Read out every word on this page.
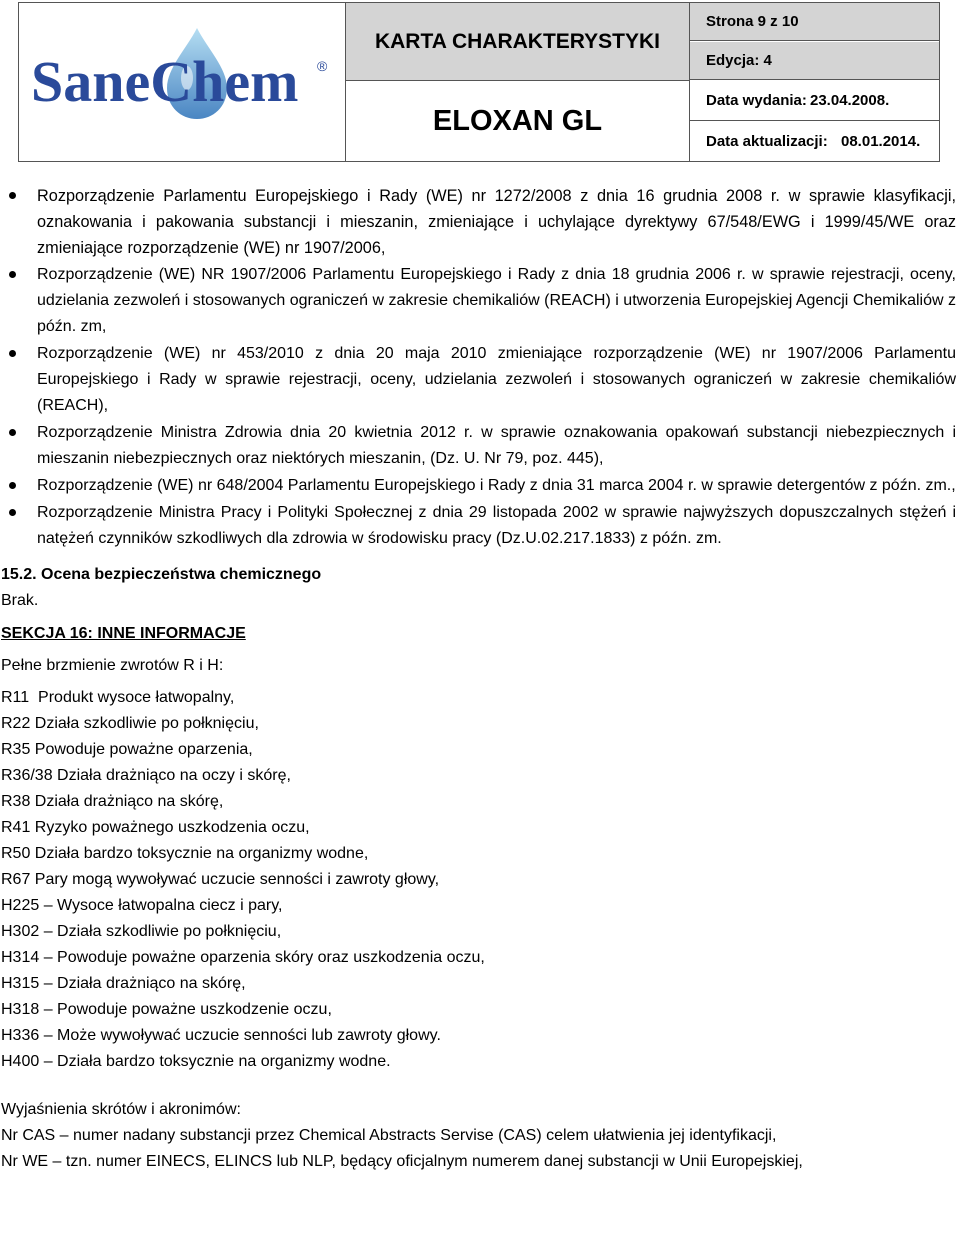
SaneChem ®
KARTA CHARAKTERYSTYKI
ELOXAN GL
Strona 9 z 10
Edycja: 4
Data wydania: 23.04.2008.
Data aktualizacji: 08.01.2014.
Rozporządzenie Parlamentu Europejskiego i Rady (WE) nr 1272/2008 z dnia 16 grudnia 2008 r. w sprawie klasyfikacji, oznakowania i pakowania substancji i mieszanin, zmieniające i uchylające dyrektywy 67/548/EWG i 1999/45/WE oraz zmieniające rozporządzenie (WE) nr 1907/2006,
Rozporządzenie (WE) NR 1907/2006 Parlamentu Europejskiego i Rady z dnia 18 grudnia 2006 r. w sprawie rejestracji, oceny, udzielania zezwoleń i stosowanych ograniczeń w zakresie chemikaliów (REACH) i utworzenia Europejskiej Agencji Chemikaliów z późn. zm,
Rozporządzenie (WE) nr 453/2010 z dnia 20 maja 2010 zmieniające rozporządzenie (WE) nr 1907/2006 Parlamentu Europejskiego i Rady w sprawie rejestracji, oceny, udzielania zezwoleń i stosowanych ograniczeń w zakresie chemikaliów (REACH),
Rozporządzenie Ministra Zdrowia dnia 20 kwietnia 2012 r. w sprawie oznakowania opakowań substancji niebezpiecznych i mieszanin niebezpiecznych oraz niektórych mieszanin, (Dz. U. Nr 79, poz. 445),
Rozporządzenie (WE) nr 648/2004 Parlamentu Europejskiego i Rady z dnia 31 marca 2004 r. w sprawie detergentów z późn. zm.,
Rozporządzenie Ministra Pracy i Polityki Społecznej z dnia 29 listopada 2002 w sprawie najwyższych dopuszczalnych stężeń i natężeń czynników szkodliwych dla zdrowia w środowisku pracy (Dz.U.02.217.1833) z późn. zm.
15.2. Ocena bezpieczeństwa chemicznego

Brak.

SEKCJA 16: INNE INFORMACJE

Pełne brzmienie zwrotów R i H:

R11  Produkt wysoce łatwopalny,
R22 Działa szkodliwie po połknięciu,
R35 Powoduje poważne oparzenia,
R36/38 Działa drażniąco na oczy i skórę,
R38 Działa drażniąco na skórę,
R41 Ryzyko poważnego uszkodzenia oczu,
R50 Działa bardzo toksycznie na organizmy wodne,
R67 Pary mogą wywoływać uczucie senności i zawroty głowy,
H225 – Wysoce łatwopalna ciecz i pary,
H302 – Działa szkodliwie po połknięciu,
H314 – Powoduje poważne oparzenia skóry oraz uszkodzenia oczu,
H315 – Działa drażniąco na skórę,
H318 – Powoduje poważne uszkodzenie oczu,
H336 – Może wywoływać uczucie senności lub zawroty głowy.
H400 – Działa bardzo toksycznie na organizmy wodne.

Wyjaśnienia skrótów i akronimów:

Nr CAS – numer nadany substancji przez Chemical Abstracts Servise (CAS) celem ułatwienia jej identyfikacji,

Nr WE – tzn. numer EINECS, ELINCS lub NLP, będący oficjalnym numerem danej substancji w Unii Europejskiej,
